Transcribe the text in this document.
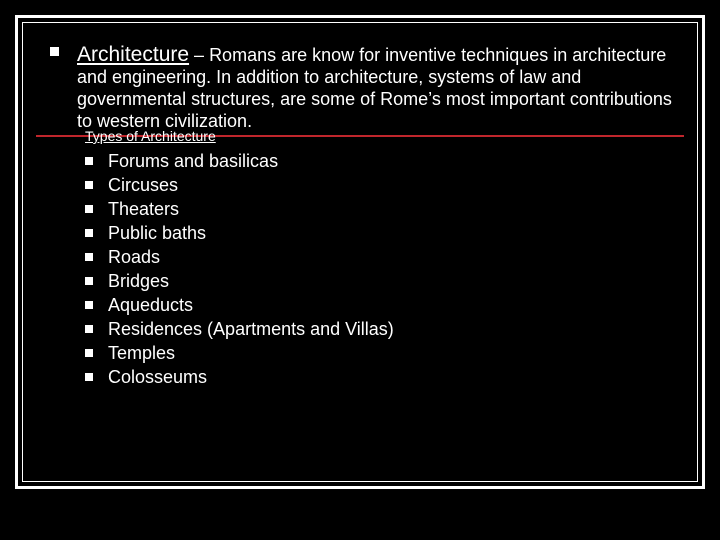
Architecture – Romans are know for inventive techniques in architecture and engineering. In addition to architecture, systems of law and governmental structures, are some of Rome’s most important contributions to western civilization.

Types of Architecture
Forums and basilicas
Circuses
Theaters
Public baths
Roads
Bridges
Aqueducts
Residences (Apartments and Villas)
Temples
Colosseums
